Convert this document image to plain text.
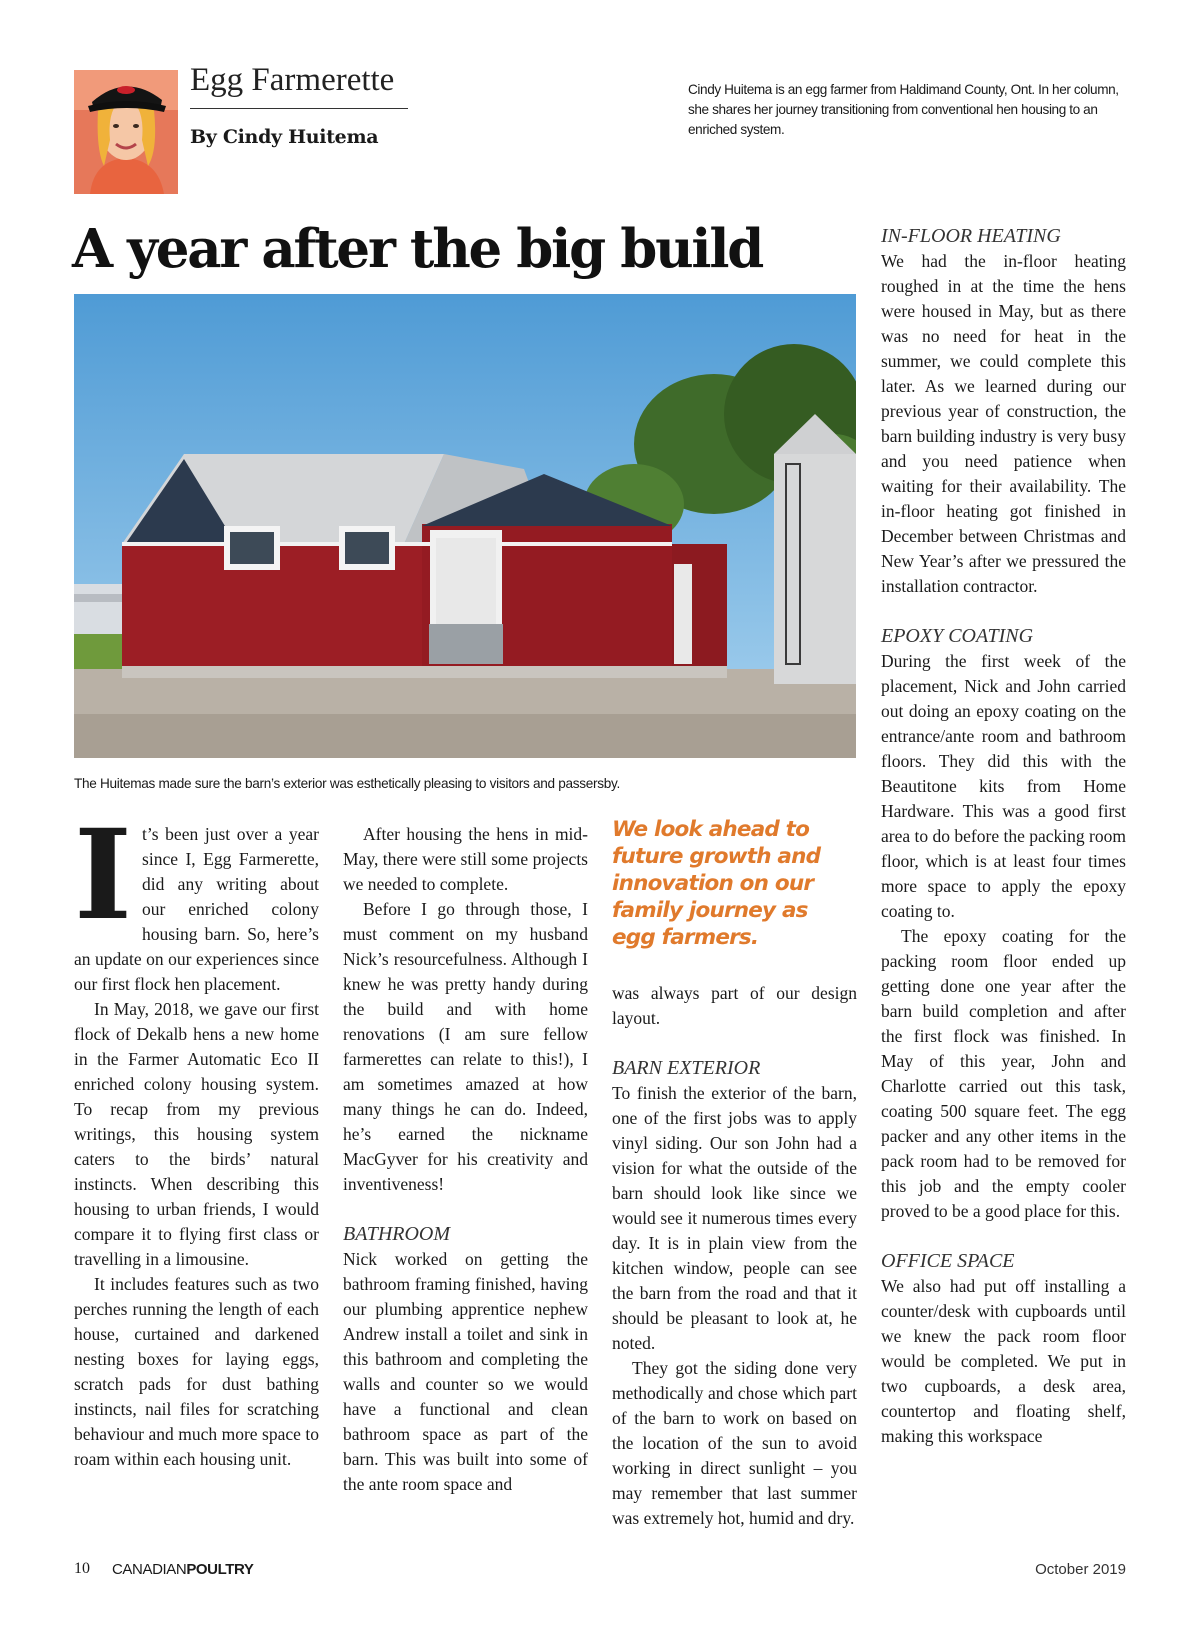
Egg Farmerette
By Cindy Huitema
Cindy Huitema is an egg farmer from Haldimand County, Ont. In her column, she shares her journey transitioning from conventional hen housing to an enriched system.
A year after the big build
The Huitemas made sure the barn’s exterior was esthetically pleasing to visitors and passersby.
I t’s been just over a year since I, Egg Farmerette, did any writing about our enriched colony housing barn. So, here’s an update on our experiences since our first flock hen placement.

In May, 2018, we gave our first flock of Dekalb hens a new home in the Farmer Automatic Eco II enriched colony housing system. To recap from my previous writings, this housing system caters to the birds’ natural instincts. When describing this housing to urban friends, I would compare it to flying first class or travelling in a limousine.

It includes features such as two perches running the length of each house, curtained and darkened nesting boxes for laying eggs, scratch pads for dust bathing instincts, nail files for scratching behaviour and much more space to roam within each housing unit.

After housing the hens in mid-May, there were still some projects we needed to complete.

Before I go through those, I must comment on my husband Nick’s resourcefulness. Although I knew he was pretty handy during the build and with home renovations (I am sure fellow farmerettes can relate to this!), I am sometimes amazed at how many things he can do. Indeed, he’s earned the nickname MacGyver for his creativity and inventiveness!

BATHROOM

Nick worked on getting the bathroom framing finished, having our plumbing apprentice nephew Andrew install a toilet and sink in this bathroom and completing the walls and counter so we would have a functional and clean bathroom space as part of the barn. This was built into some of the ante room space and

We look ahead to future growth and innovation on our family journey as egg farmers.

was always part of our design layout.

BARN EXTERIOR

To finish the exterior of the barn, one of the first jobs was to apply vinyl siding. Our son John had a vision for what the outside of the barn should look like since we would see it numerous times every day. It is in plain view from the kitchen window, people can see the barn from the road and that it should be pleasant to look at, he noted.

They got the siding done very methodically and chose which part of the barn to work on based on the location of the sun to avoid working in direct sunlight – you may remember that last summer was extremely hot, humid and dry.

IN-FLOOR HEATING

We had the in-floor heating roughed in at the time the hens were housed in May, but as there was no need for heat in the summer, we could complete this later. As we learned during our previous year of construction, the barn building industry is very busy and you need patience when waiting for their availability. The in-floor heating got finished in December between Christmas and New Year’s after we pressured the installation contractor.

EPOXY COATING

During the first week of the placement, Nick and John carried out doing an epoxy coating on the entrance/ante room and bathroom floors. They did this with the Beautitone kits from Home Hardware. This was a good first area to do before the packing room floor, which is at least four times more space to apply the epoxy coating to.

The epoxy coating for the packing room floor ended up getting done one year after the barn build completion and after the first flock was finished. In May of this year, John and Charlotte carried out this task, coating 500 square feet. The egg packer and any other items in the pack room had to be removed for this job and the empty cooler proved to be a good place for this.

OFFICE SPACE

We also had put off installing a counter/desk with cupboards until we knew the pack room floor would be completed. We put in two cupboards, a desk area, countertop and floating shelf, making this workspace

10 CANADIANPOULTRY	October 2019
